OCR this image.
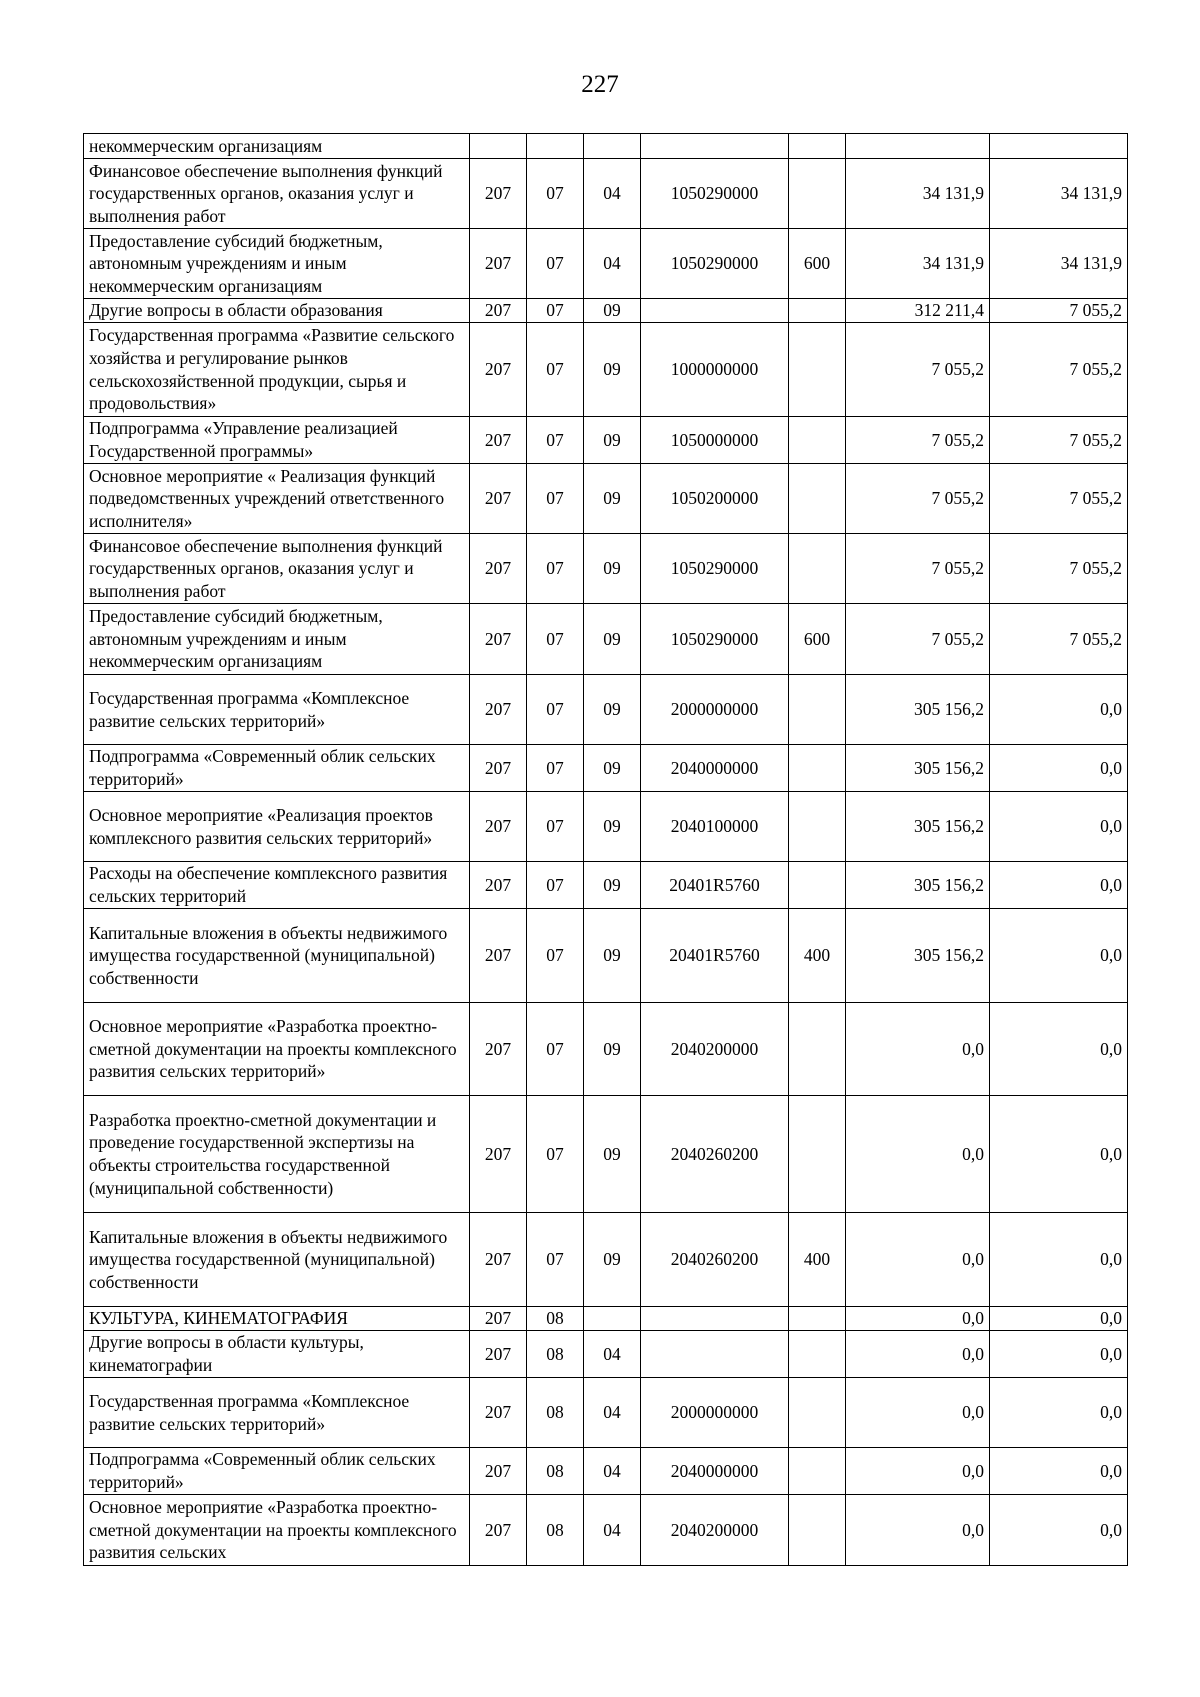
227
некоммерческим организациям							
Финансовое обеспечение выполнения функций государственных органов, оказания услуг и выполнения работ	207	07	04	1050290000		34 131,9	34 131,9
Предоставление субсидий бюджетным, автономным учреждениям и иным некоммерческим организациям	207	07	04	1050290000	600	34 131,9	34 131,9
Другие вопросы в области образования	207	07	09			312 211,4	7 055,2
Государственная программа «Развитие сельского хозяйства и регулирование рынков сельскохозяйственной продукции, сырья и продовольствия»	207	07	09	1000000000		7 055,2	7 055,2
Подпрограмма «Управление реализацией Государственной программы»	207	07	09	1050000000		7 055,2	7 055,2
Основное мероприятие « Реализация функций подведомственных учреждений ответственного исполнителя»	207	07	09	1050200000		7 055,2	7 055,2
Финансовое обеспечение выполнения функций государственных органов, оказания услуг и выполнения работ	207	07	09	1050290000		7 055,2	7 055,2
Предоставление субсидий бюджетным, автономным учреждениям и иным некоммерческим организациям	207	07	09	1050290000	600	7 055,2	7 055,2
Государственная программа «Комплексное развитие сельских территорий»	207	07	09	2000000000		305 156,2	0,0
Подпрограмма «Современный облик сельских территорий»	207	07	09	2040000000		305 156,2	0,0
Основное мероприятие «Реализация проектов комплексного развития сельских территорий»	207	07	09	2040100000		305 156,2	0,0
Расходы на обеспечение комплексного развития сельских территорий	207	07	09	20401R5760		305 156,2	0,0
Капитальные вложения в объекты недвижимого имущества государственной (муниципальной) собственности	207	07	09	20401R5760	400	305 156,2	0,0
Основное мероприятие «Разработка проектно- сметной документации на проекты комплексного развития сельских территорий»	207	07	09	2040200000		0,0	0,0
Разработка проектно-сметной документации и проведение государственной экспертизы на объекты строительства государственной (муниципальной собственности)	207	07	09	2040260200		0,0	0,0
Капитальные вложения в объекты недвижимого имущества государственной (муниципальной) собственности	207	07	09	2040260200	400	0,0	0,0
КУЛЬТУРА, КИНЕМАТОГРАФИЯ	207	08				0,0	0,0
Другие вопросы в области культуры, кинематографии	207	08	04			0,0	0,0
Государственная программа «Комплексное развитие сельских территорий»	207	08	04	2000000000		0,0	0,0
Подпрограмма «Современный облик сельских территорий»	207	08	04	2040000000		0,0	0,0
Основное мероприятие «Разработка проектно- сметной документации на проекты комплексного развития сельских	207	08	04	2040200000		0,0	0,0
